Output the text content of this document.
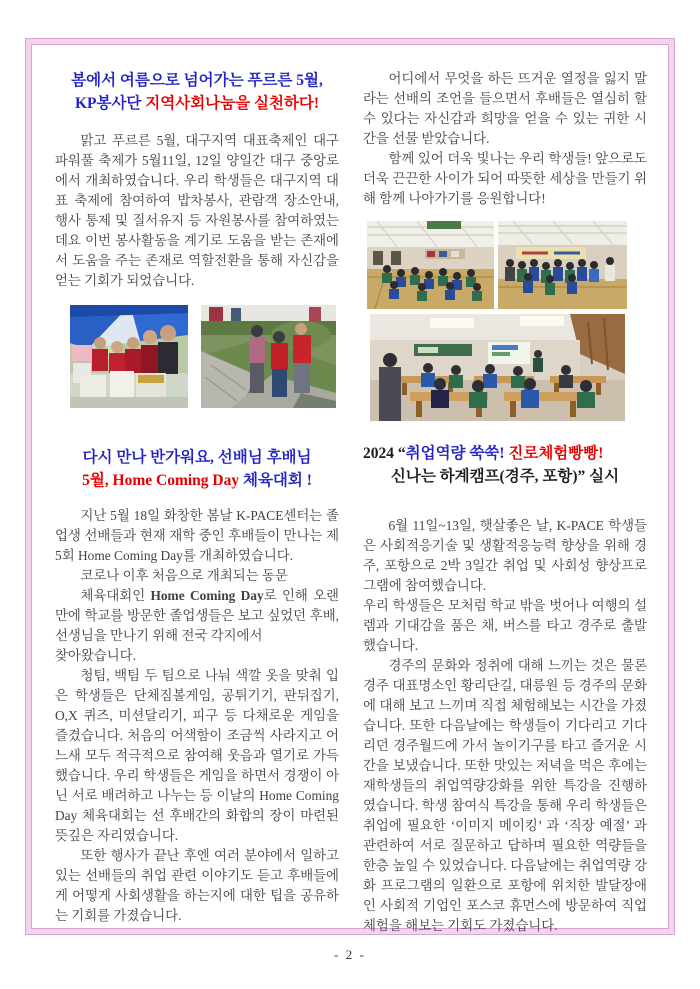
봄에서 여름으로 넘어가는 푸르른 5월,
KP봉사단 지역사회나눔을 실천하다!

맑고 푸르른 5월, 대구지역 대표축제인 대구 파워풀 축제가 5월11일, 12일 양일간 대구 중앙로에서 개최하였습니다. 우리 학생들은 대구지역 대표 축제에 참여하여 밥차봉사, 관람객 장소안내, 행사 통제 및 질서유지 등 자원봉사를 참여하였는데요 이번 봉사활동을 계기로 도움을 받는 존재에서 도움을 주는 존재로 역할전환을 통해 자신감을 얻는 기회가 되었습니다.

다시 만나 반가워요, 선배님 후배님
5월, Home Coming Day 체육대회 !

지난 5월 18일 화창한 봄날 K-PACE센터는 졸업생 선배들과 현재 재학 중인 후배들이 만나는 제5회 Home Coming Day를 개최하였습니다.

코로나 이후 처음으로 개최되는 동문

체육대회인 Home Coming Day로 인해 오랜 만에 학교를 방문한 졸업생들은 보고 싶었던 후배, 선생님을 만나기 위해 전국 각지에서
찾아왔습니다.

청팀, 백팀 두 팀으로 나눠 색깔 옷을 맞춰 입은 학생들은 단체짐볼게임, 공튀기기, 판뒤집기, O,X 퀴즈, 미션달리기, 피구 등 다채로운 게임을 즐겼습니다. 처음의 어색함이 조금씩 사라지고 어느새 모두 적극적으로 참여해 웃음과 열기로 가득했습니다. 우리 학생들은 게임을 하면서 경쟁이 아닌 서로 배려하고 나누는 등 이날의 Home Coming Day 체육대회는 선 후배간의 화합의 장이 마련된 뜻깊은 자리였습니다.

또한 행사가 끝난 후엔 여러 분야에서 일하고 있는 선배들의 취업 관련 이야기도 듣고 후배들에게 어떻게 사회생활을 하는지에 대한 팁을 공유하는 기회를 가졌습니다.

어디에서 무엇을 하든 뜨거운 열정을 잃지 말라는 선배의 조언을 들으면서 후배들은 열심히 할 수 있다는 자신감과 희망을 얻을 수 있는 귀한 시간을 선물 받았습니다.

함께 있어 더욱 빛나는 우리 학생들! 앞으로도 더욱 끈끈한 사이가 되어 따뜻한 세상을 만들기 위해 함께 나아가기를 응원합니다!

2024 “취업역량 쑥쑥! 진로체험빵빵!
신나는 하계캠프(경주, 포항)” 실시

6월 11일~13일, 햇살좋은 날, K-PACE 학생들은 사회적응기술 및 생활적응능력 향상을 위해 경주, 포항으로 2박 3일간 취업 및 사회성 향상프로그램에 참여했습니다.

우리 학생들은 모처럼 학교 밖을 벗어나 여행의 설렘과 기대감을 품은 채, 버스를 타고 경주로 출발했습니다.

경주의 문화와 정취에 대해 느끼는 것은 물론 경주 대표명소인 황리단길, 대릉원 등 경주의 문화에 대해 보고 느끼며 직접 체험해보는 시간을 가졌습니다. 또한 다음날에는 학생들이 기다리고 기다리던 경주월드에 가서 놀이기구를 타고 즐거운 시간을 보냈습니다. 또한 맛있는 저녁을 먹은 후에는 재학생들의 취업역량강화를 위한 특강을 진행하였습니다. 학생 참여식 특강을 통해 우리 학생들은 취업에 필요한 ‘이미지 메이킹’ 과 ‘직장 예절’ 과 관련하여 서로 질문하고 답하며 필요한 역량들을 한층 높일 수 있었습니다. 다음날에는 취업역량 강화 프로그램의 일환으로 포항에 위치한 발달장애인 사회적 기업인 포스코 휴먼스에 방문하여 직업체험을 해보는 기회도 가졌습니다.

- 2 -
